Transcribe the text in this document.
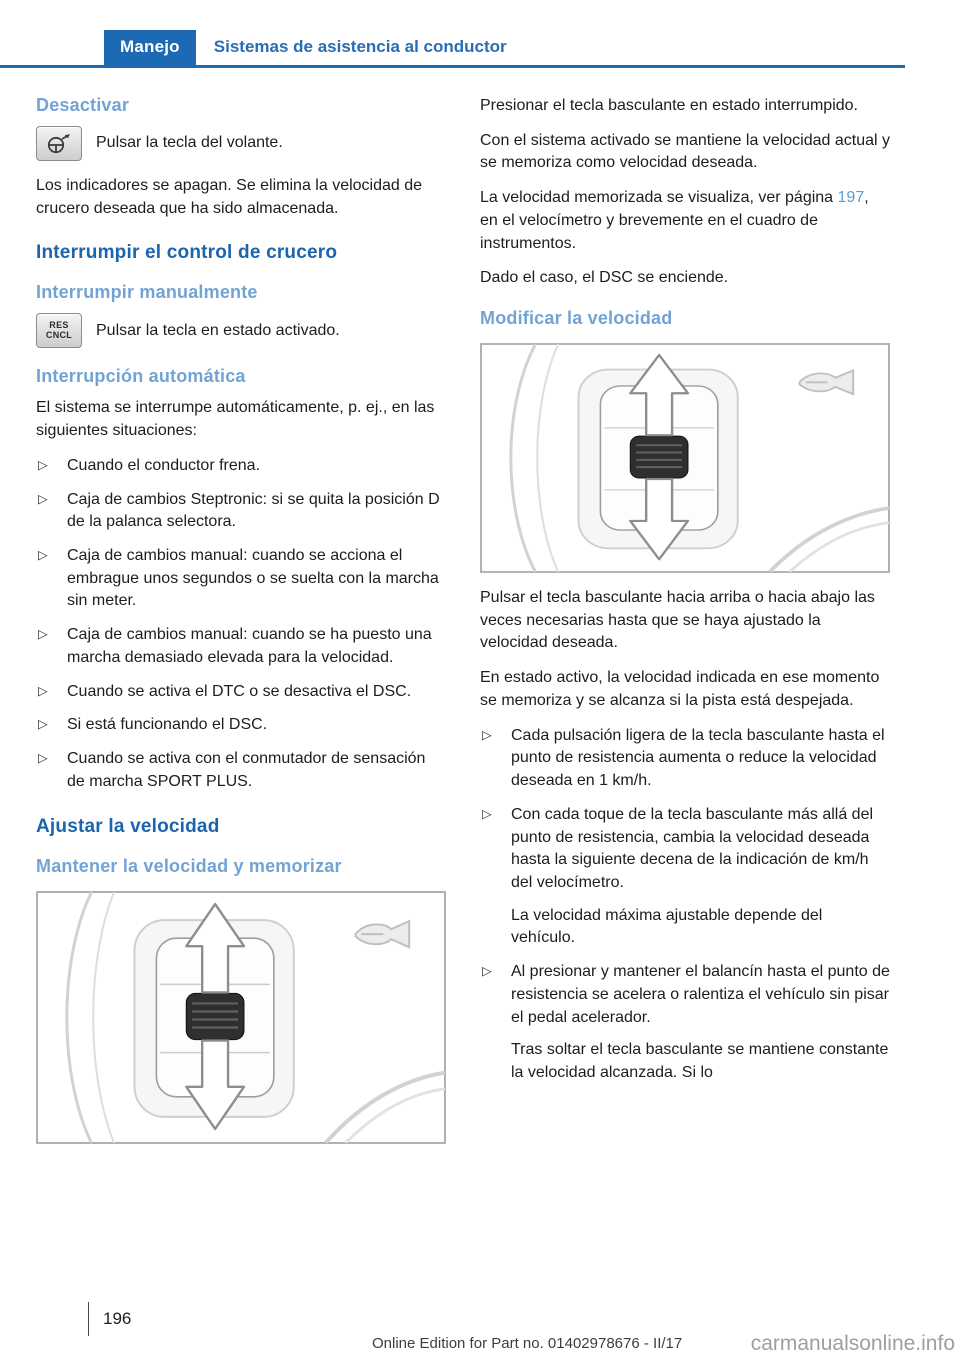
Manejo	Sistemas de asistencia al conductor
Desactivar

Pulsar la tecla del volante.

Los indicadores se apagan. Se elimina la velocidad de crucero deseada que ha sido almacenada.

Interrumpir el control de crucero
Interrumpir manualmente
RES
CNCL Pulsar la tecla en estado activado.

Interrupción automática

El sistema se interrumpe automáticamente, p. ej., en las siguientes situaciones:

▷ Cuando el conductor frena.
▷ Caja de cambios Steptronic: si se quita la posición D de la palanca selectora.
▷ Caja de cambios manual: cuando se acciona el embrague unos segundos o se suelta con la marcha sin meter.
▷ Caja de cambios manual: cuando se ha puesto una marcha demasiado elevada para la velocidad.
▷ Cuando se activa el DTC o se desactiva el DSC.
▷ Si está funcionando el DSC.
▷ Cuando se activa con el conmutador de sensación de marcha SPORT PLUS.
Ajustar la velocidad
Mantener la velocidad y memorizar

Presionar el tecla basculante en estado interrumpido.

Con el sistema activado se mantiene la velocidad actual y se memoriza como velocidad deseada.

La velocidad memorizada se visualiza, ver página 197, en el velocímetro y brevemente en el cuadro de instrumentos.

Dado el caso, el DSC se enciende.

Modificar la velocidad

Pulsar el tecla basculante hacia arriba o hacia abajo las veces necesarias hasta que se haya ajustado la velocidad deseada.

En estado activo, la velocidad indicada en ese momento se memoriza y se alcanza si la pista está despejada.

▷ Cada pulsación ligera de la tecla basculante hasta el punto de resistencia aumenta o reduce la velocidad deseada en 1 km/h.
▷ Con cada toque de la tecla basculante más allá del punto de resistencia, cambia la velocidad deseada hasta la siguiente decena de la indicación de km/h del velocímetro.

La velocidad máxima ajustable depende del vehículo.

▷ Al presionar y mantener el balancín hasta el punto de resistencia se acelera o ralentiza el vehículo sin pisar el pedal acelerador.

Tras soltar el tecla basculante se mantiene constante la velocidad alcanzada. Si lo

196
Online Edition for Part no. 01402978676 - II/17	carmanualsonline.info
